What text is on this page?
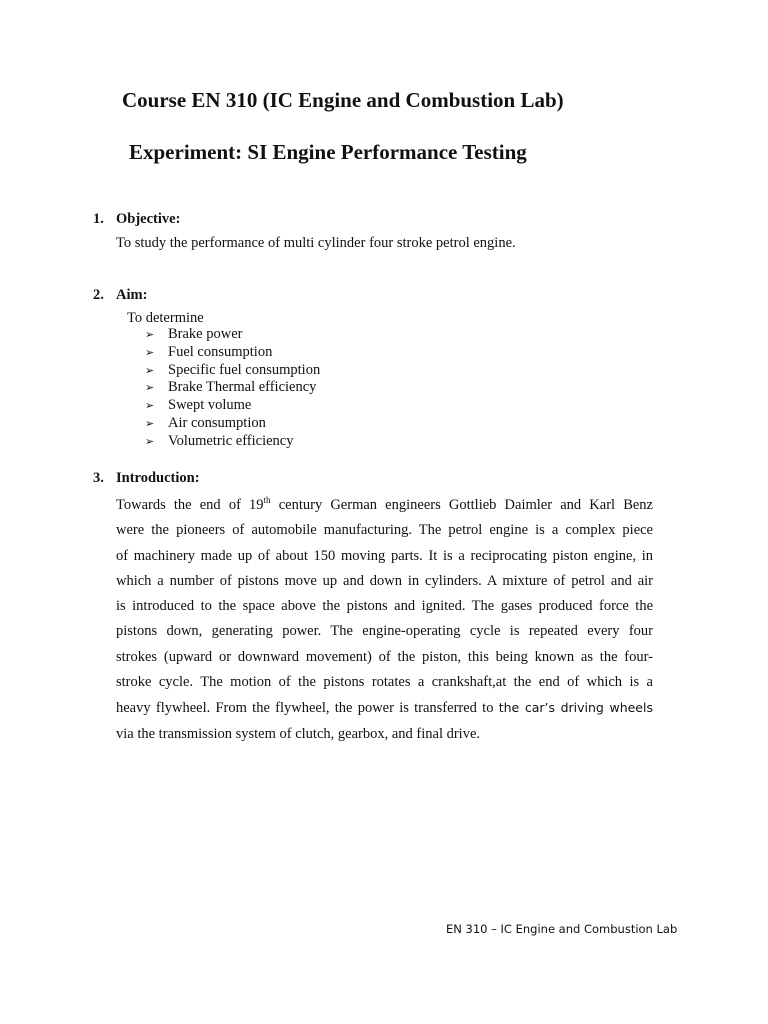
Course EN 310 (IC Engine and Combustion Lab)
Experiment: SI Engine Performance Testing
1. Objective:
To study the performance of multi cylinder four stroke petrol engine.
2. Aim:
To determine
➢ Brake power
➢ Fuel consumption
➢ Specific fuel consumption
➢ Brake Thermal efficiency
➢ Swept volume
➢ Air consumption
➢ Volumetric efficiency
3. Introduction:
Towards the end of 19th century German engineers Gottlieb Daimler and Karl Benz
were the pioneers of automobile manufacturing. The petrol engine is a complex piece
of machinery made up of about 150 moving parts. It is a reciprocating piston engine, in
which a number of pistons move up and down in cylinders. A mixture of petrol and air
is introduced to the space above the pistons and ignited. The gases produced force the
pistons down, generating power. The engine-operating cycle is repeated every four
strokes (upward or downward movement) of the piston, this being known as the four-
stroke cycle. The motion of the pistons rotates a crankshaft,at the end of which is a
heavy flywheel. From the flywheel, the power is transferred to the car’s driving wheels
via the transmission system of clutch, gearbox, and final drive.
EN 310 – IC Engine and Combustion Lab
